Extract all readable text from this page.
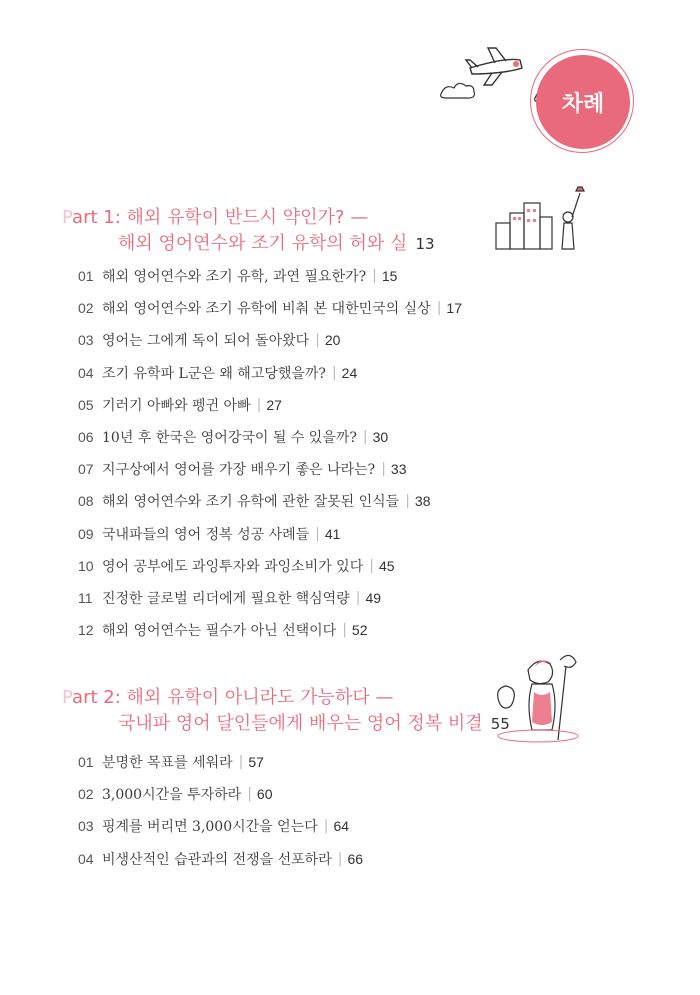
차례
Part 1: 해외 유학이 반드시 약인가? —
해외 영어연수와 조기 유학의 허와 실 13
01 해외 영어연수와 조기 유학, 과연 필요한가? | 15
02 해외 영어연수와 조기 유학에 비춰 본 대한민국의 실상 | 17
03 영어는 그에게 독이 되어 돌아왔다 | 20
04 조기 유학파 L군은 왜 해고당했을까? | 24
05 기러기 아빠와 펭귄 아빠 | 27
06 10년 후 한국은 영어강국이 될 수 있을까? | 30
07 지구상에서 영어를 가장 배우기 좋은 나라는? | 33
08 해외 영어연수와 조기 유학에 관한 잘못된 인식들 | 38
09 국내파들의 영어 정복 성공 사례들 | 41
10 영어 공부에도 과잉투자와 과잉소비가 있다 | 45
11 진정한 글로벌 리더에게 필요한 핵심역량 | 49
12 해외 영어연수는 필수가 아닌 선택이다 | 52
Part 2: 해외 유학이 아니라도 가능하다 —
국내파 영어 달인들에게 배우는 영어 정복 비결 55
01 분명한 목표를 세워라 | 57
02 3,000시간을 투자하라 | 60
03 핑계를 버리면 3,000시간을 얻는다 | 64
04 비생산적인 습관과의 전쟁을 선포하라 | 66
